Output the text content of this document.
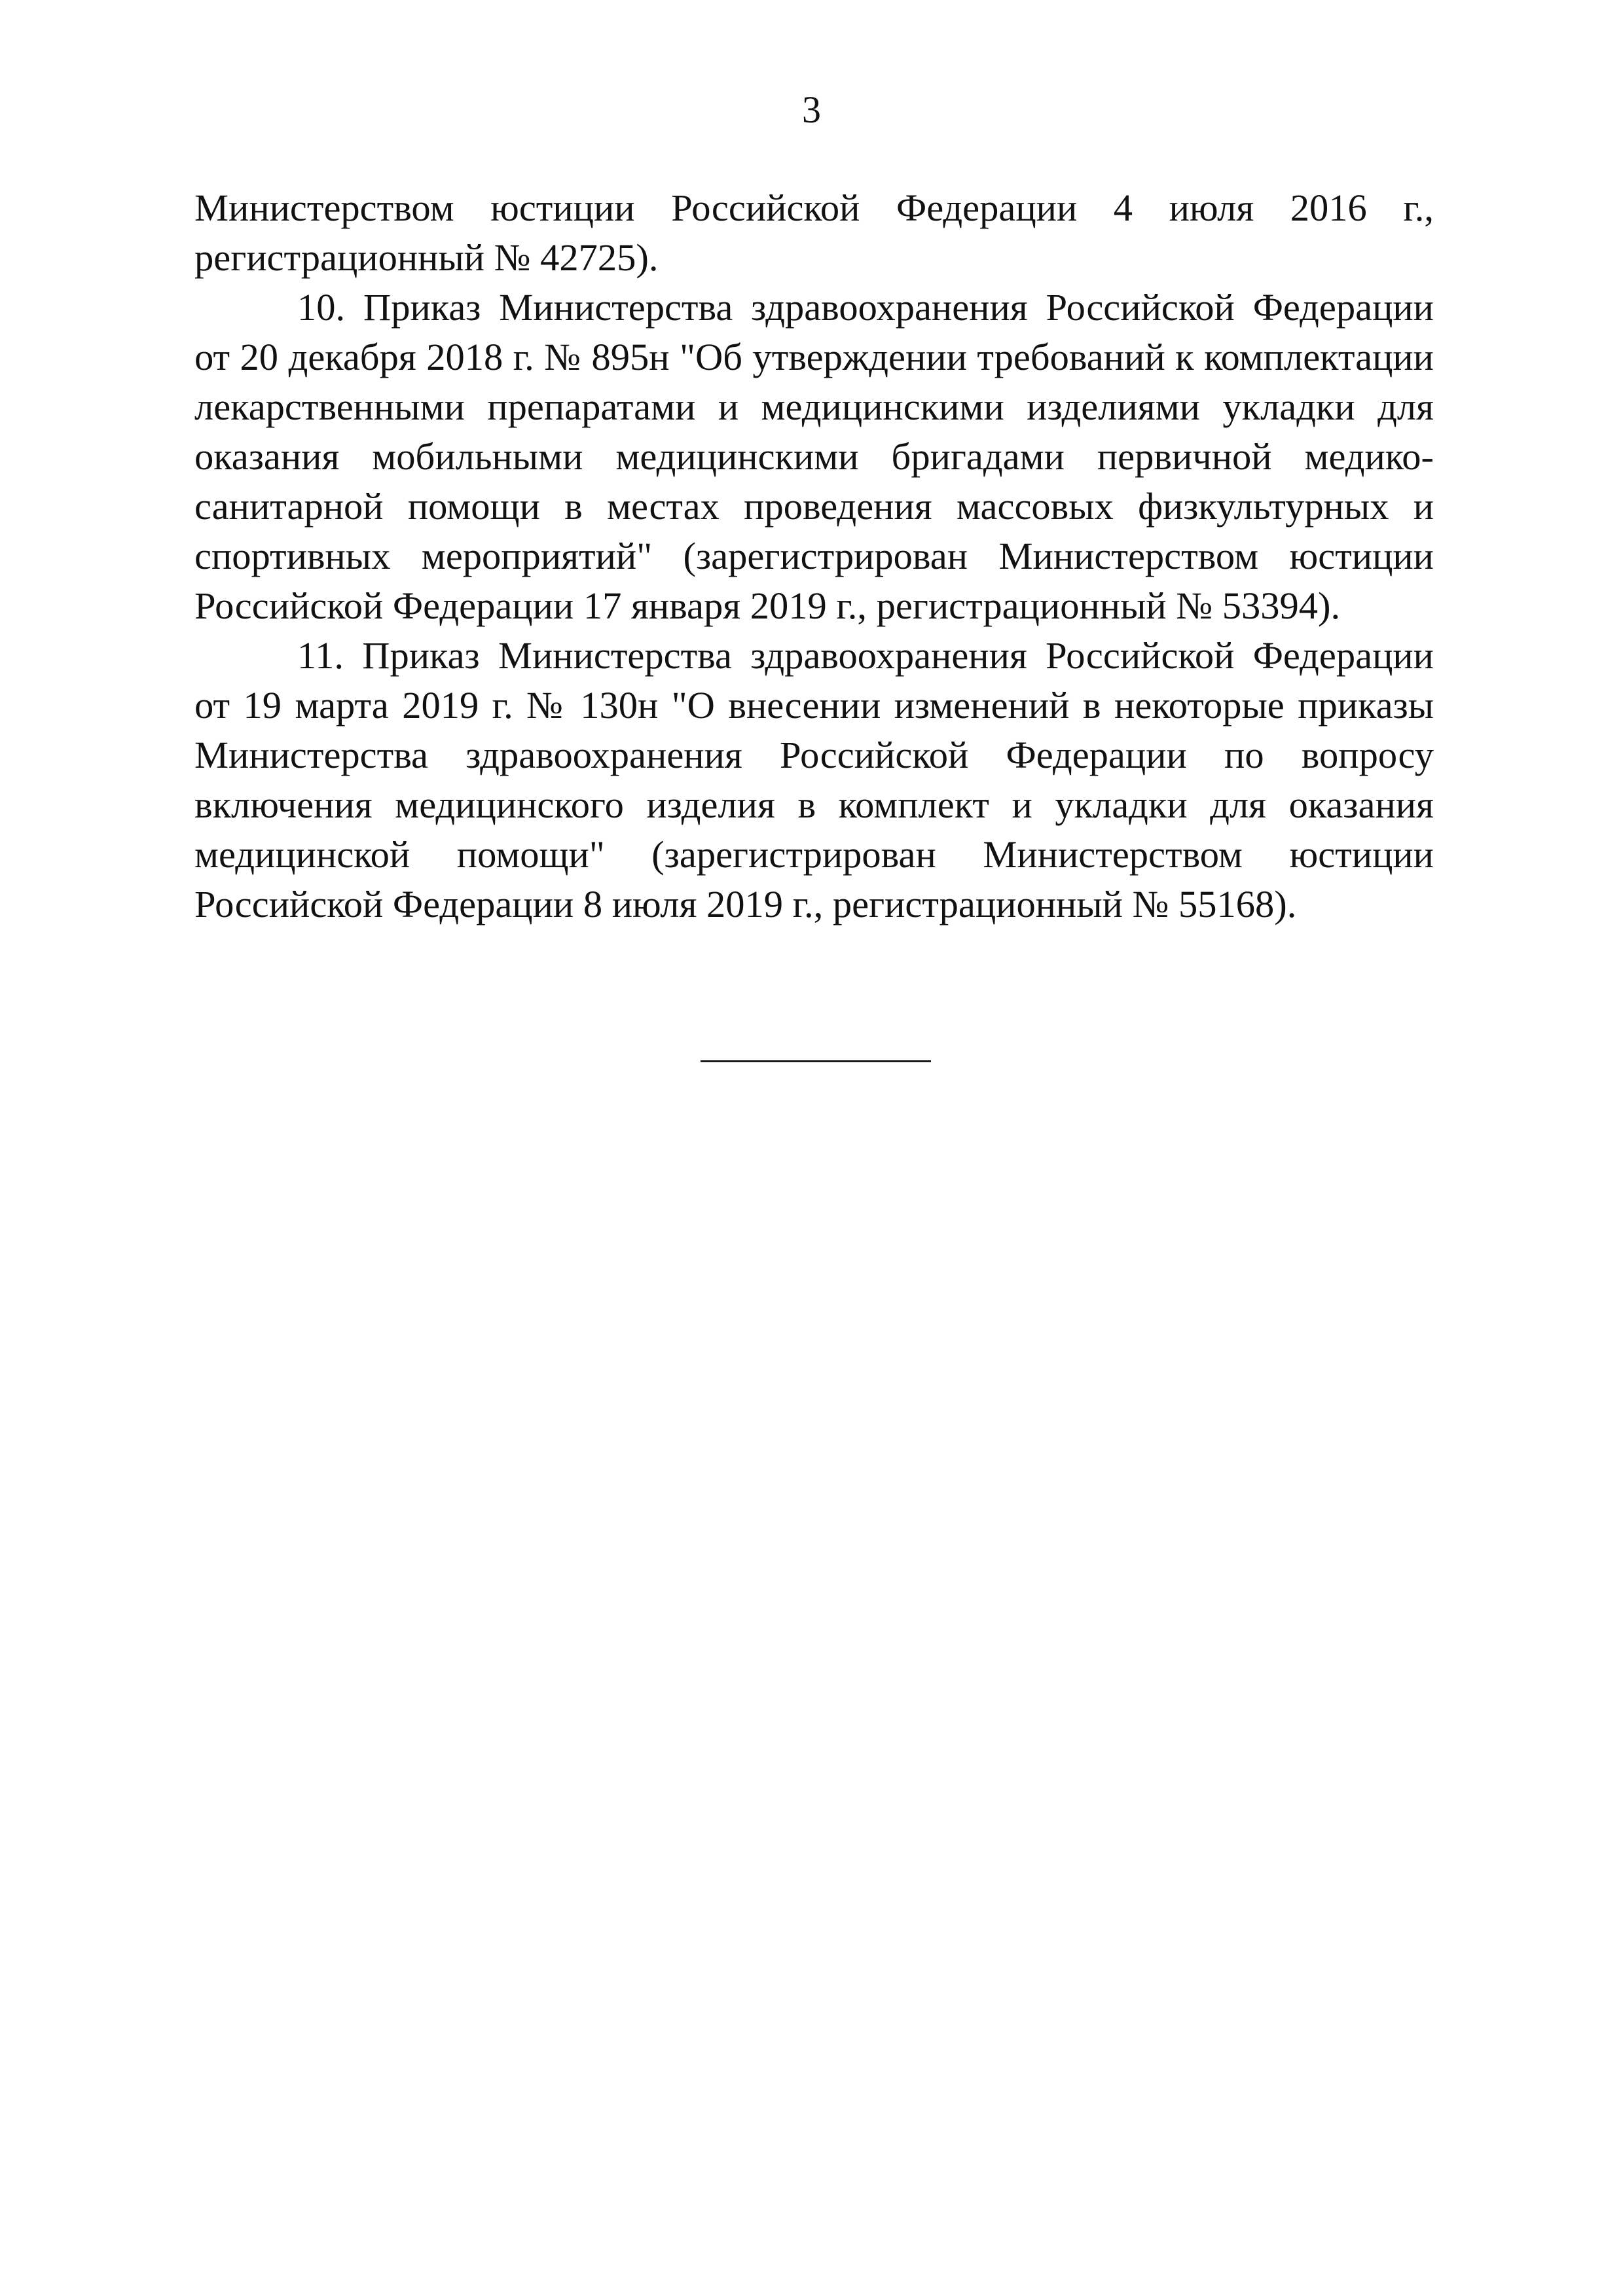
3

Министерством юстиции Российской Федерации 4 июля 2016 г., регистрационный № 42725).

10. Приказ Министерства здравоохранения Российской Федерации от 20 декабря 2018 г. № 895н "Об утверждении требований к комплектации лекарственными препаратами и медицинскими изделиями укладки для оказания мобильными медицинскими бригадами первичной медико-санитарной помощи в местах проведения массовых физкультурных и спортивных мероприятий" (зарегистрирован Министерством юстиции Российской Федерации 17 января 2019 г., регистрационный № 53394).

11. Приказ Министерства здравоохранения Российской Федерации от 19 марта 2019 г. № 130н "О внесении изменений в некоторые приказы Министерства здравоохранения Российской Федерации по вопросу включения медицинского изделия в комплект и укладки для оказания медицинской помощи" (зарегистрирован Министерством юстиции Российской Федерации 8 июля 2019 г., регистрационный № 55168).
